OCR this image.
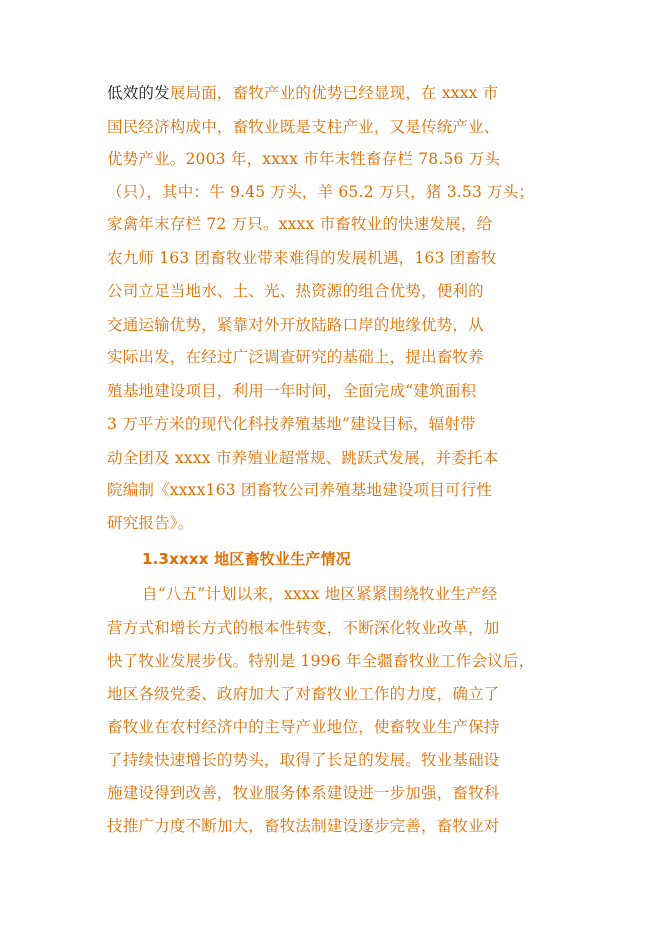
低效的发展局面，畜牧产业的优势已经显现，在 xxxx 市
国民经济构成中，畜牧业既是支柱产业，又是传统产业、
优势产业。2003 年，xxxx 市年末牲畜存栏 78.56 万头
（只），其中：牛 9.45 万头，羊 65.2 万只，猪 3.53 万头；
家禽年末存栏 72 万只。xxxx 市畜牧业的快速发展，给
农九师 163 团畜牧业带来难得的发展机遇，163 团畜牧
公司立足当地水、土、光、热资源的组合优势，便利的
交通运输优势，紧靠对外开放陆路口岸的地缘优势，从
实际出发，在经过广泛调查研究的基础上，提出畜牧养
殖基地建设项目，利用一年时间，全面完成“建筑面积
3 万平方米的现代化科技养殖基地”建设目标，辐射带
动全团及 xxxx 市养殖业超常规、跳跃式发展，并委托本
院编制《xxxx163 团畜牧公司养殖基地建设项目可行性
研究报告》。
1.3xxxx 地区畜牧业生产情况
自“八五”计划以来，xxxx 地区紧紧围绕牧业生产经
营方式和增长方式的根本性转变，不断深化牧业改革，加
快了牧业发展步伐。特别是 1996 年全疆畜牧业工作会议后，
地区各级党委、政府加大了对畜牧业工作的力度，确立了
畜牧业在农村经济中的主导产业地位，使畜牧业生产保持
了持续快速增长的势头，取得了长足的发展。牧业基础设
施建设得到改善，牧业服务体系建设进一步加强，畜牧科
技推广力度不断加大，畜牧法制建设逐步完善，畜牧业对
